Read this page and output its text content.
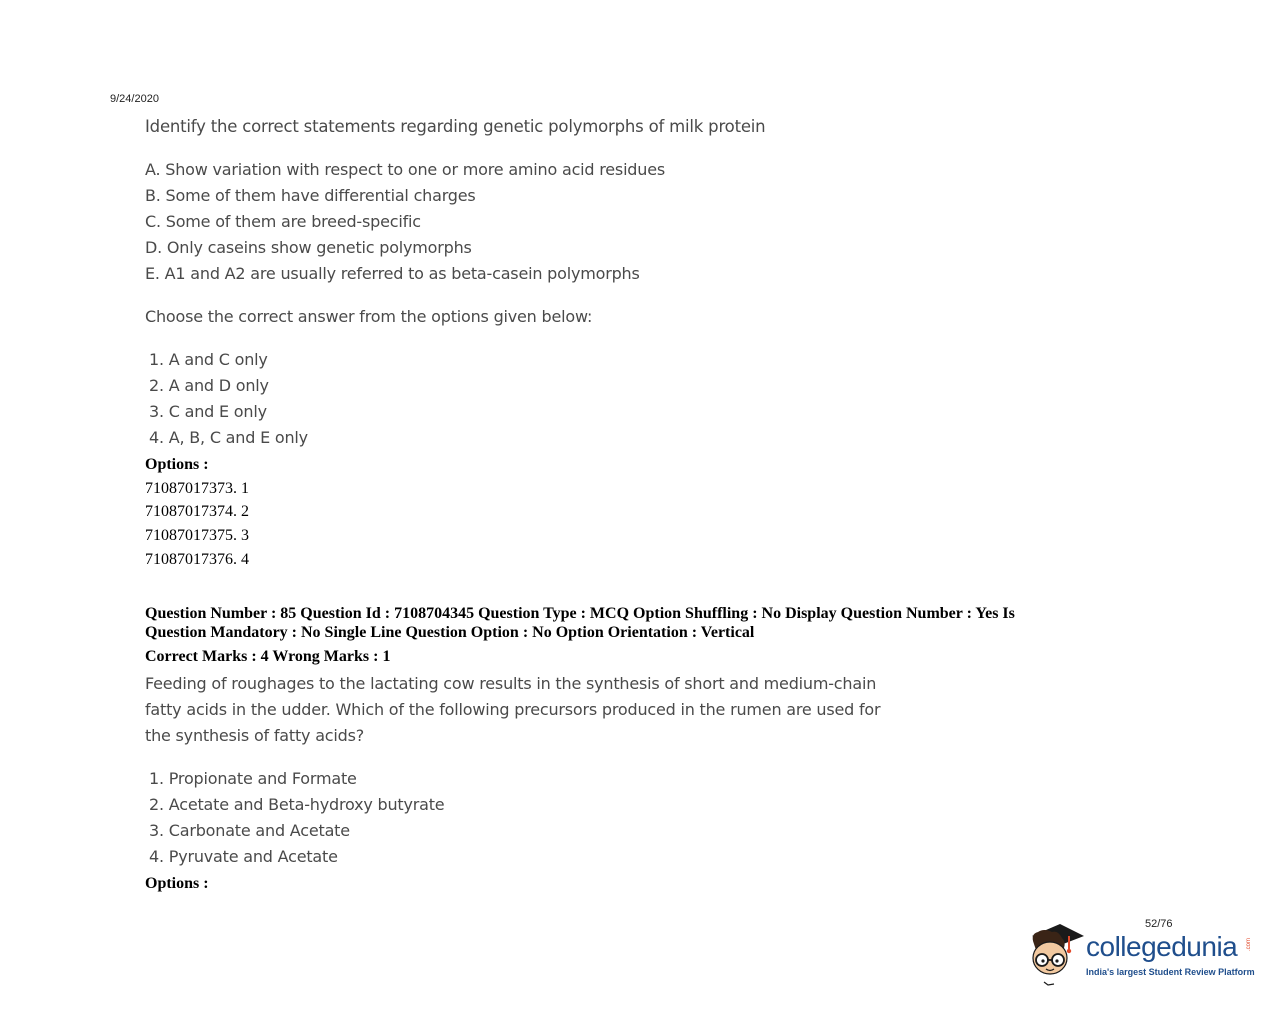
9/24/2020
Identify the correct statements regarding genetic polymorphs of milk protein
A. Show variation with respect to one or more amino acid residues
B. Some of them have differential charges
C. Some of them are breed-specific
D. Only caseins show genetic polymorphs
E. A1 and A2 are usually referred to as beta-casein polymorphs
Choose the correct answer from the options given below:
1. A and C only
2. A and D only
3. C and E only
4. A, B, C and E only
Options :
71087017373. 1
71087017374. 2
71087017375. 3
71087017376. 4
Question Number : 85 Question Id : 7108704345 Question Type : MCQ Option Shuffling : No Display Question Number : Yes Is
Question Mandatory : No Single Line Question Option : No Option Orientation : Vertical
Correct Marks : 4 Wrong Marks : 1
Feeding of roughages to the lactating cow results in the synthesis of short and medium-chain
fatty acids in the udder. Which of the following precursors produced in the rumen are used for
the synthesis of fatty acids?
1. Propionate and Formate
2. Acetate and Beta-hydroxy butyrate
3. Carbonate and Acetate
4. Pyruvate and Acetate
Options :
52/76
collegedunia .com
India's largest Student Review Platform
